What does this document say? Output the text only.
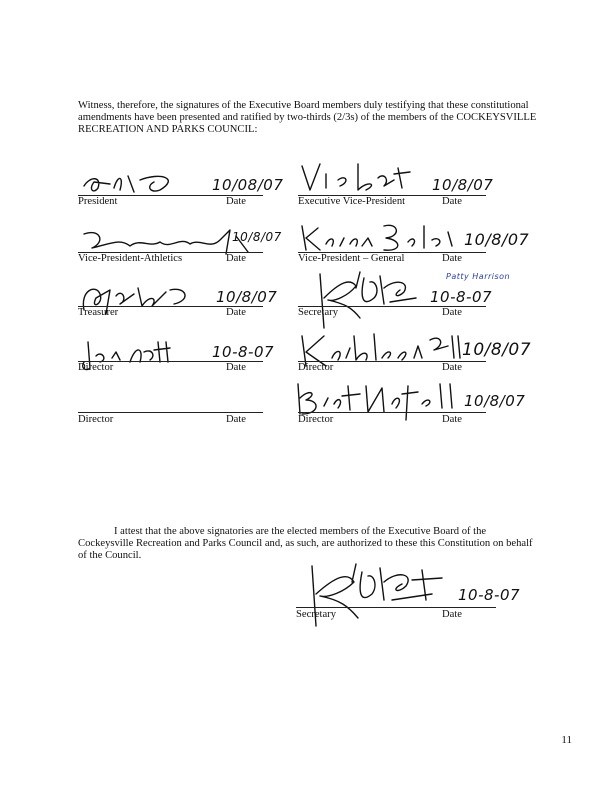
Witness, therefore, the signatures of the Executive Board members duly testifying that these constitutional amendments have been presented and ratified by two-thirds (2/3s) of the members of the COCKEYSVILLE RECREATION AND PARKS COUNCIL:
10/08/07
President	Date
10/8/07
Executive Vice-President	Date
10/8/07
Vice-President-Athletics	Date
10/8/07
Vice-President – General	Date
10/8/07
Treasurer	Date
Patty Harrison
10-8-07
Secretary	Date
10-8-07
Director	Date
10/8/07
Director	Date
Director	Date
10/8/07
Director	Date
I attest that the above signatories are the elected members of the Executive Board of the Cockeysville Recreation and Parks Council and, as such, are authorized to these this Constitution on behalf of the Council.
10-8-07
Secretary	Date
11
